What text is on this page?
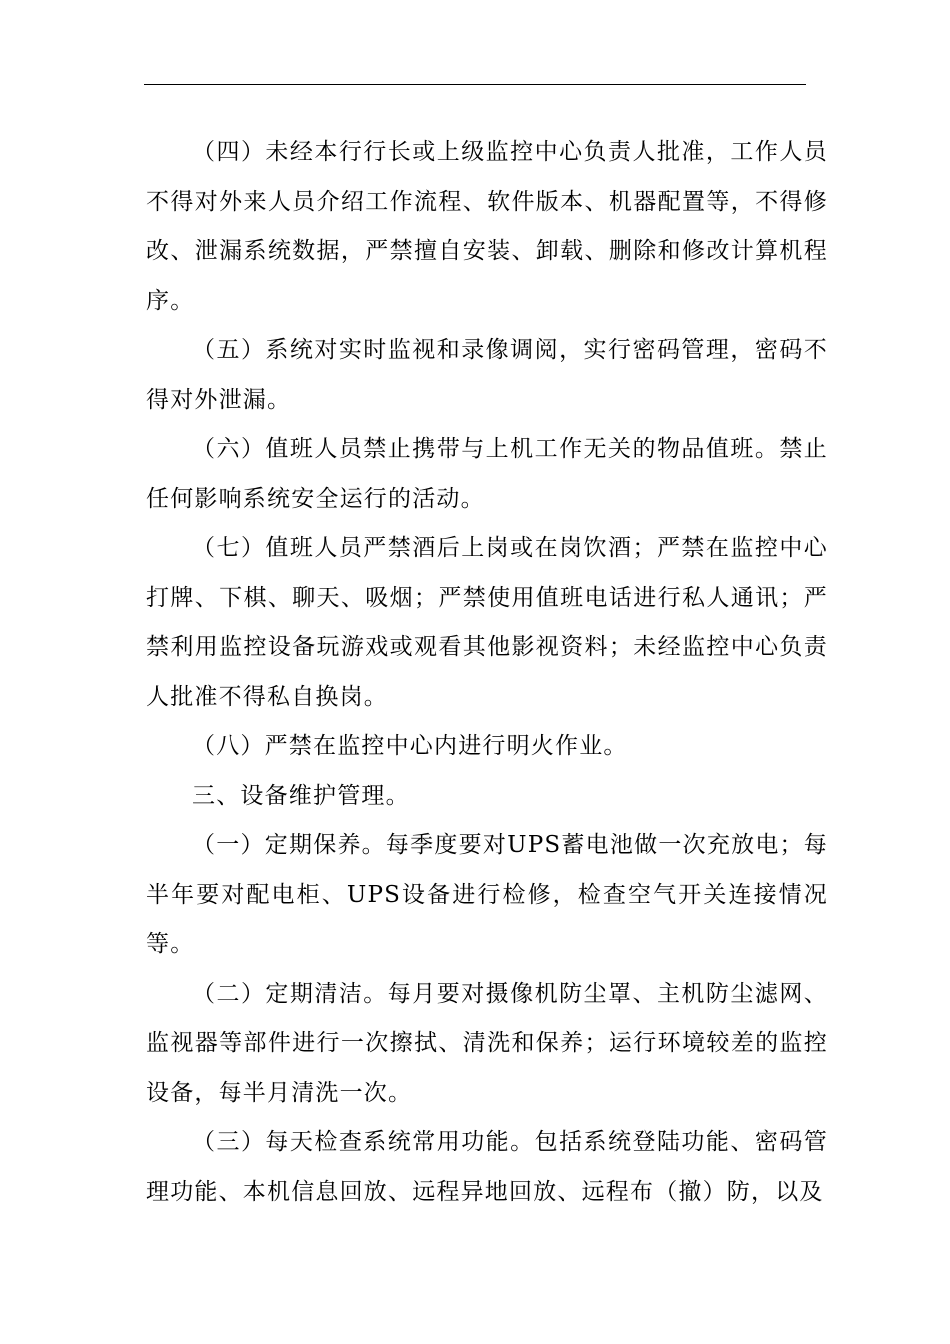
（四）未经本行行长或上级监控中心负责人批准，工作人员不得对外来人员介绍工作流程、软件版本、机器配置等，不得修改、泄漏系统数据，严禁擅自安装、卸载、删除和修改计算机程序。

（五）系统对实时监视和录像调阅，实行密码管理，密码不得对外泄漏。

（六）值班人员禁止携带与上机工作无关的物品值班。禁止任何影响系统安全运行的活动。

（七）值班人员严禁酒后上岗或在岗饮酒；严禁在监控中心打牌、下棋、聊天、吸烟；严禁使用值班电话进行私人通讯；严禁利用监控设备玩游戏或观看其他影视资料；未经监控中心负责人批准不得私自换岗。

（八）严禁在监控中心内进行明火作业。

三、设备维护管理。

（一）定期保养。每季度要对UPS蓄电池做一次充放电；每半年要对配电柜、UPS设备进行检修，检查空气开关连接情况等。

（二）定期清洁。每月要对摄像机防尘罩、主机防尘滤网、监视器等部件进行一次擦拭、清洗和保养；运行环境较差的监控设备，每半月清洗一次。

（三）每天检查系统常用功能。包括系统登陆功能、密码管理功能、本机信息回放、远程异地回放、远程布（撤）防，以及
